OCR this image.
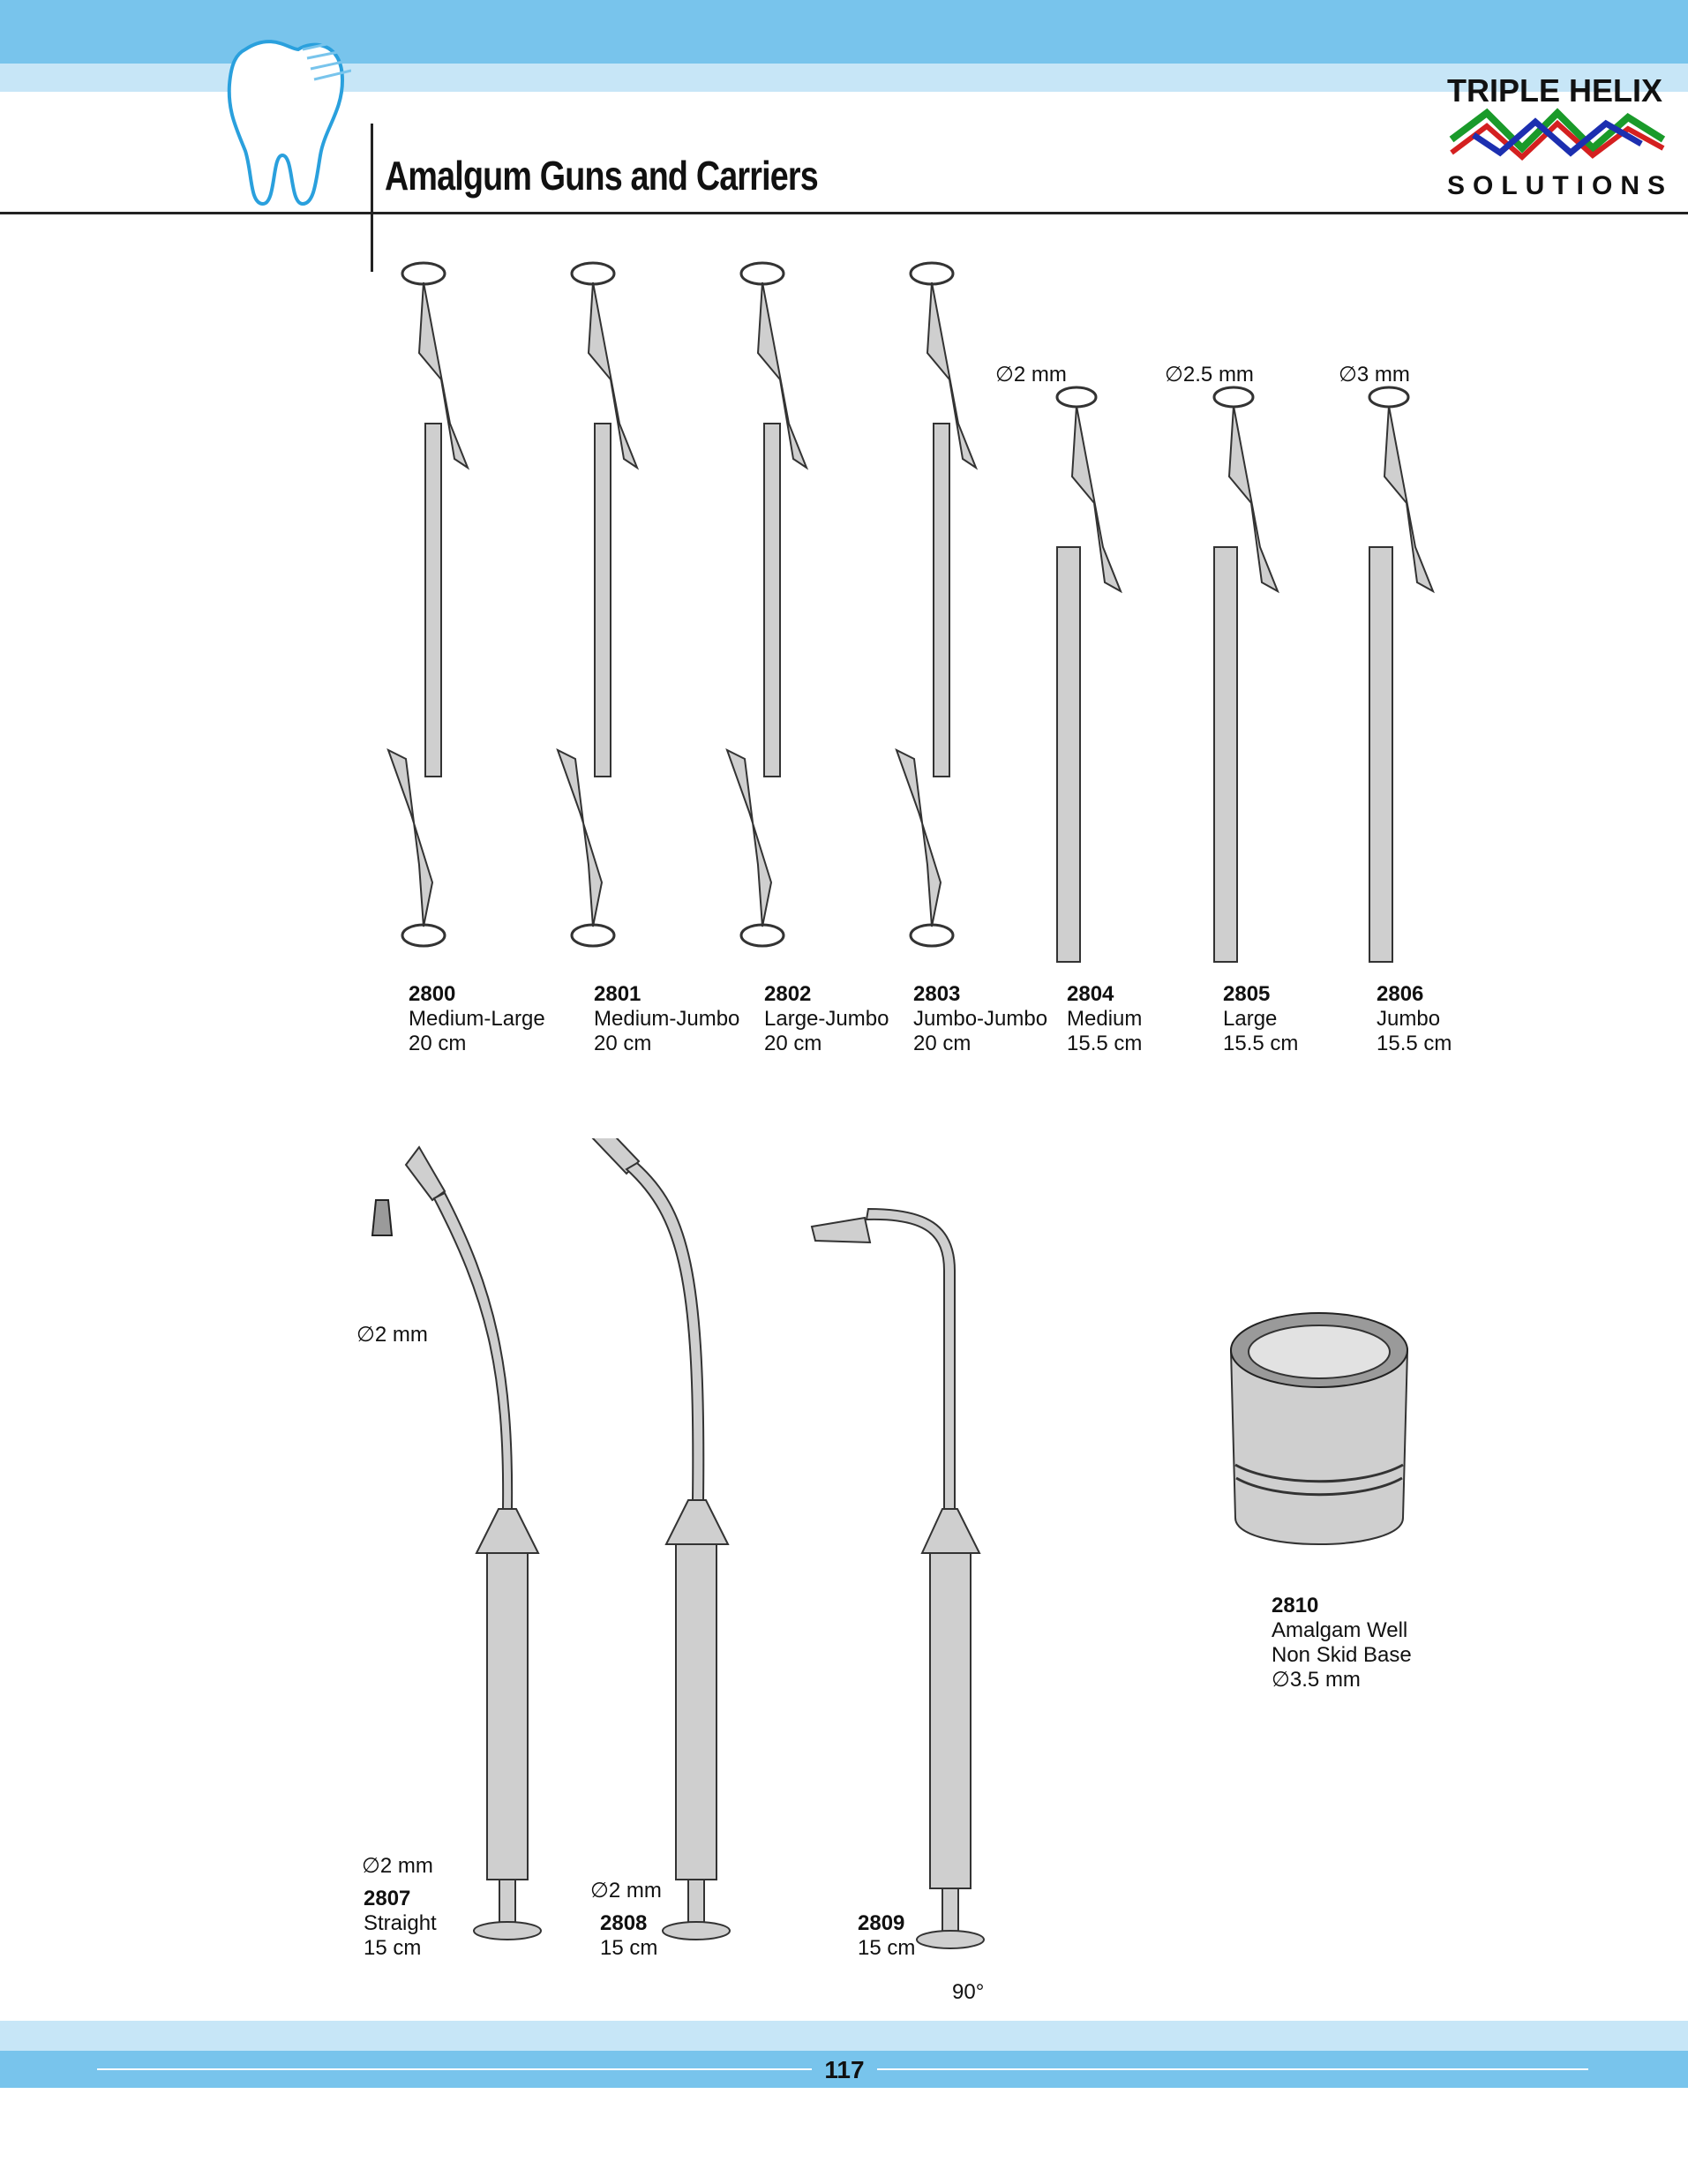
Amalgum Guns and Carriers
TRIPLE HELIX
SOLUTIONS
∅2 mm	∅2.5 mm	∅3 mm
2800
Medium-Large
20 cm
2801
Medium-Jumbo
20 cm
2802
Large-Jumbo
20 cm
2803
Jumbo-Jumbo
20 cm
2804
Medium
15.5 cm
2805
Large
15.5 cm
2806
Jumbo
15.5 cm
∅2 mm
∅2 mm
2807
Straight
15 cm
∅2 mm
2808
15 cm
2809
15 cm
90°
2810
Amalgam Well
Non Skid Base
∅3.5 mm
117
